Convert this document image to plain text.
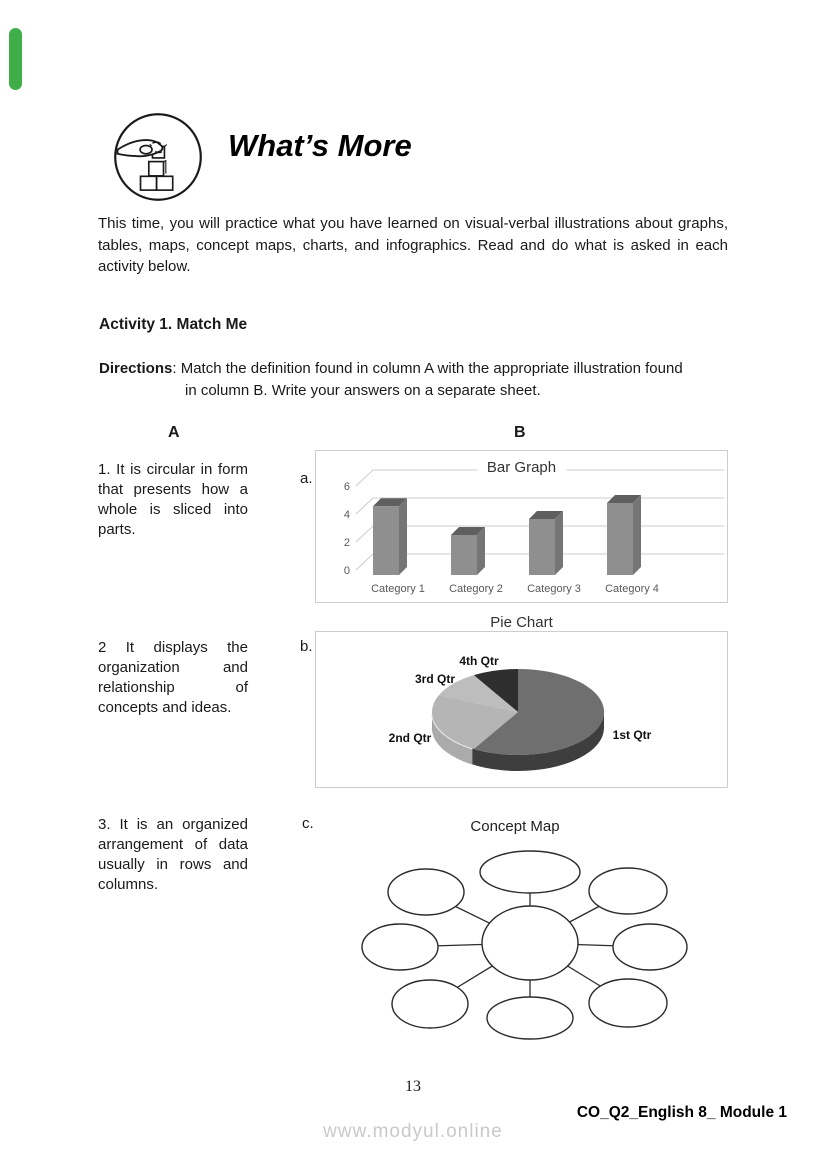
What’s More
This time, you will practice what you have learned on visual-verbal illustrations about graphs, tables, maps, concept maps, charts, and infographics. Read and do what is asked in each activity below.
Activity 1. Match Me
Directions: Match the definition found in column A with the appropriate illustration found
in column B. Write your answers on a separate sheet.
A	B
1. It is circular in form that presents how a whole is sliced into parts.
2 It displays the organization and relationship of concepts and ideas.
3. It is an organized arrangement of data usually in rows and columns.
a.
b.
c.
Bar Graph
0
2
4
6
Category 1 Category 2 Category 3 Category 4
Pie Chart
1st Qtr
2nd Qtr
3rd Qtr
4th Qtr
Concept Map
13
CO_Q2_English 8_ Module 1
www.modyul.online
